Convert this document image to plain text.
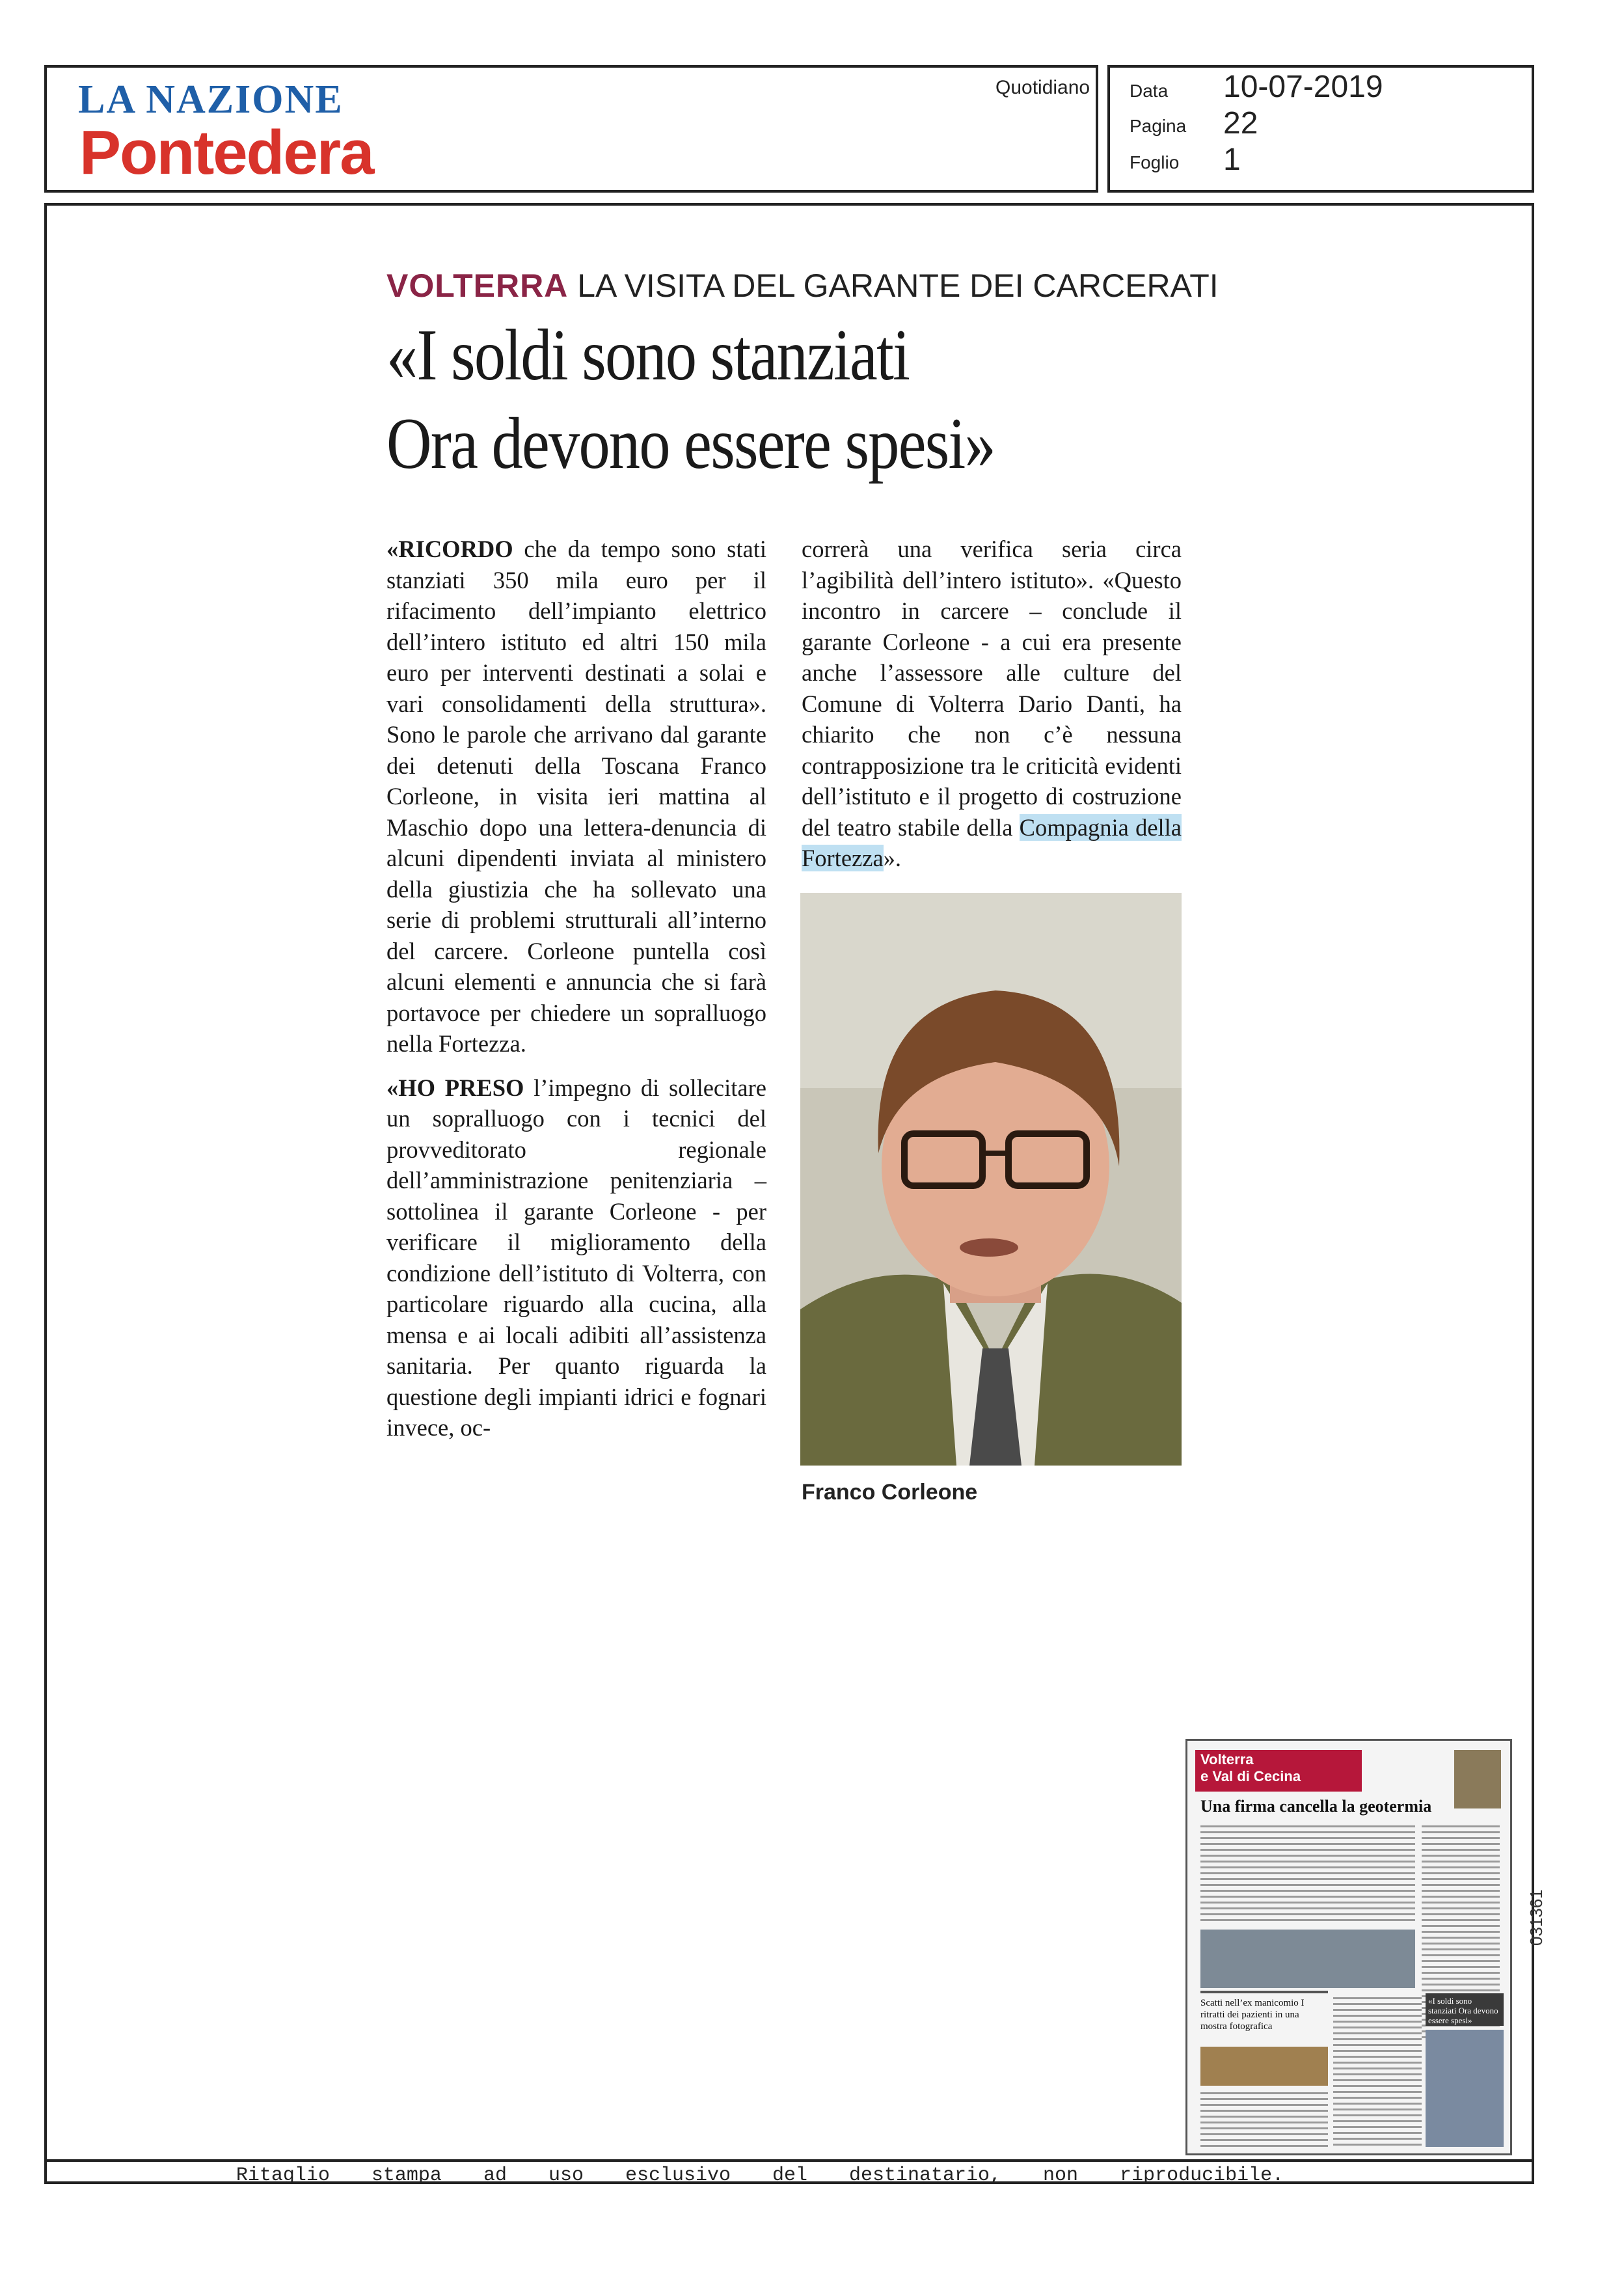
LA NAZIONE
Pontedera
Quotidiano Data 10-07-2019
Pagina 22
Foglio 1
VOLTERRA LA VISITA DEL GARANTE DEI CARCERATI
«I soldi sono stanziati
Ora devono essere spesi»

«RICORDO che da tempo sono stati stanziati 350 mila euro per il rifacimento dell’impianto elettrico dell’intero istituto ed altri 150 mila euro per interventi destinati a solai e vari consolidamenti della struttura». Sono le parole che arrivano dal garante dei detenuti della Toscana Franco Corleone, in visita ieri mattina al Maschio dopo una lettera-denuncia di alcuni dipendenti inviata al ministero della giustizia che ha sollevato una serie di problemi strutturali all’interno del carcere. Corleone puntella così alcuni elementi e annuncia che si farà portavoce per chiedere un sopralluogo nella Fortezza.

«HO PRESO l’impegno di sollecitare un sopralluogo con i tecnici del provveditorato regionale dell’amministrazione penitenziaria – sottolinea il garante Corleone - per verificare il miglioramento della condizione dell’istituto di Volterra, con particolare riguardo alla cucina, alla mensa e ai locali adibiti all’assistenza sanitaria. Per quanto riguarda la questione degli impianti idrici e fognari invece, oc-

correrà una verifica seria circa l’agibilità dell’intero istituto». «Questo incontro in carcere – conclude il garante Corleone - a cui era presente anche l’assessore alle culture del Comune di Volterra Dario Danti, ha chiarito che non c’è nessuna contrapposizione tra le criticità evidenti dell’istituto e il progetto di costruzione del teatro stabile della Compagnia della Fortezza».

Franco Corleone
Volterra
e Val di Cecina
Una firma cancella la geotermia
Scatti nell’ex manicomio I ritratti dei pazienti in una mostra fotografica
«I soldi sono stanziati Ora devono essere spesi»
031361
Ritaglio stampa ad uso esclusivo del destinatario, non riproducibile.
